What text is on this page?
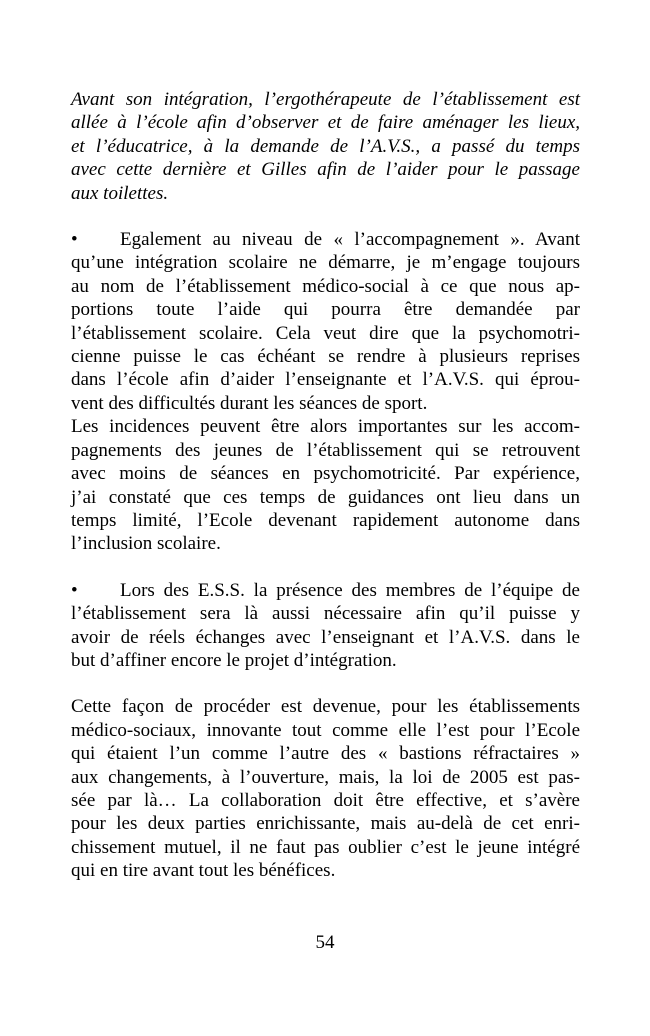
Avant son intégration, l’ergothérapeute de l’établissement est
allée à l’école afin d’observer et de faire aménager les lieux,
et l’éducatrice, à la demande de l’A.V.S., a passé du temps
avec cette dernière et Gilles afin de l’aider pour le passage
aux toilettes.
• Egalement au niveau de « l’accompagnement ». Avant
qu’une intégration scolaire ne démarre, je m’engage toujours
au nom de l’établissement médico-social à ce que nous ap-
portions toute l’aide qui pourra être demandée par
l’établissement scolaire. Cela veut dire que la psychomotri-
cienne puisse le cas échéant se rendre à plusieurs reprises
dans l’école afin d’aider l’enseignante et l’A.V.S. qui éprou-
vent des difficultés durant les séances de sport.
Les incidences peuvent être alors importantes sur les accom-
pagnements des jeunes de l’établissement qui se retrouvent
avec moins de séances en psychomotricité. Par expérience,
j’ai constaté que ces temps de guidances ont lieu dans un
temps limité, l’Ecole devenant rapidement autonome dans
l’inclusion scolaire.
• Lors des E.S.S. la présence des membres de l’équipe de
l’établissement sera là aussi nécessaire afin qu’il puisse y
avoir de réels échanges avec l’enseignant et l’A.V.S. dans le
but d’affiner encore le projet d’intégration.
Cette façon de procéder est devenue, pour les établissements
médico-sociaux, innovante tout comme elle l’est pour l’Ecole
qui étaient l’un comme l’autre des « bastions réfractaires »
aux changements, à l’ouverture, mais, la loi de 2005 est pas-
sée par là… La collaboration doit être effective, et s’avère
pour les deux parties enrichissante, mais au-delà de cet enri-
chissement mutuel, il ne faut pas oublier c’est le jeune intégré
qui en tire avant tout les bénéfices.
54
